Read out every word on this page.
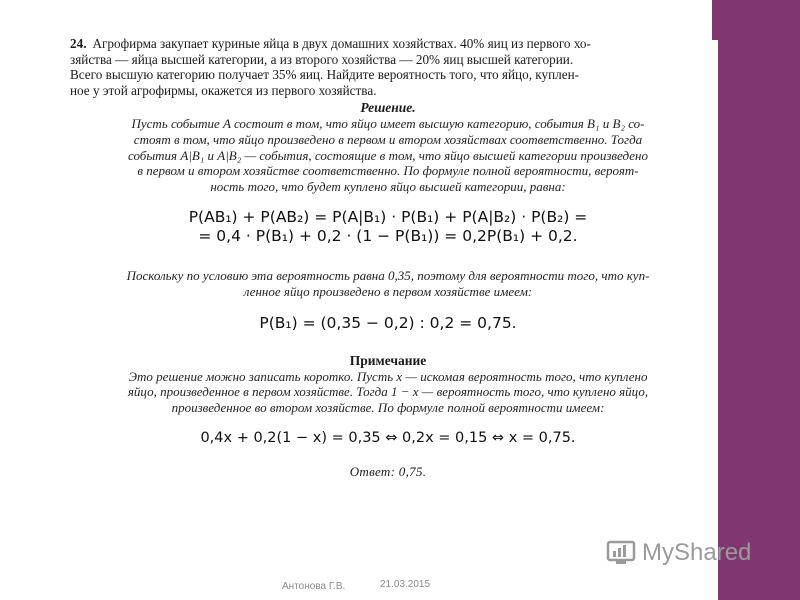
24. Агрофирма закупает куриные яйца в двух домашних хозяйствах. 40% яиц из первого хо-
зяйства — яйца высшей категории, а из второго хозяйства — 20% яиц высшей категории.
Всего высшую категорию получает 35% яиц. Найдите вероятность того, что яйцо, куплен-
ное у этой агрофирмы, окажется из первого хозяйства.
Решение.
Пусть событие A состоит в том, что яйцо имеет высшую категорию, события B₁ и B₂ со-
стоят в том, что яйцо произведено в первом и втором хозяйствах соответственно. Тогда
события A|B₁ и A|B₂ — события, состоящие в том, что яйцо высшей категории произведено
в первом и втором хозяйстве соответственно. По формуле полной вероятности, вероят-
ность того, что будет куплено яйцо высшей категории, равна:
P(AB₁) + P(AB₂) = P(A|B₁) · P(B₁) + P(A|B₂) · P(B₂) =
= 0,4 · P(B₁) + 0,2 · (1 − P(B₁)) = 0,2P(B₁) + 0,2.
Поскольку по условию эта вероятность равна 0,35, поэтому для вероятности того, что куп-
ленное яйцо произведено в первом хозяйстве имеем:
P(B₁) = (0,35 − 0,2) : 0,2 = 0,75.
Примечание
Это решение можно записать коротко. Пусть x — искомая вероятность того, что куплено
яйцо, произведенное в первом хозяйстве. Тогда 1 − x — вероятность того, что куплено яйцо,
произведенное во втором хозяйстве. По формуле полной вероятности имеем:
0,4x + 0,2(1 − x) = 0,35 ⇔ 0,2x = 0,15 ⇔ x = 0,75.
Ответ: 0,75.
MyShared
Антонова Г.В.	21.03.2015
